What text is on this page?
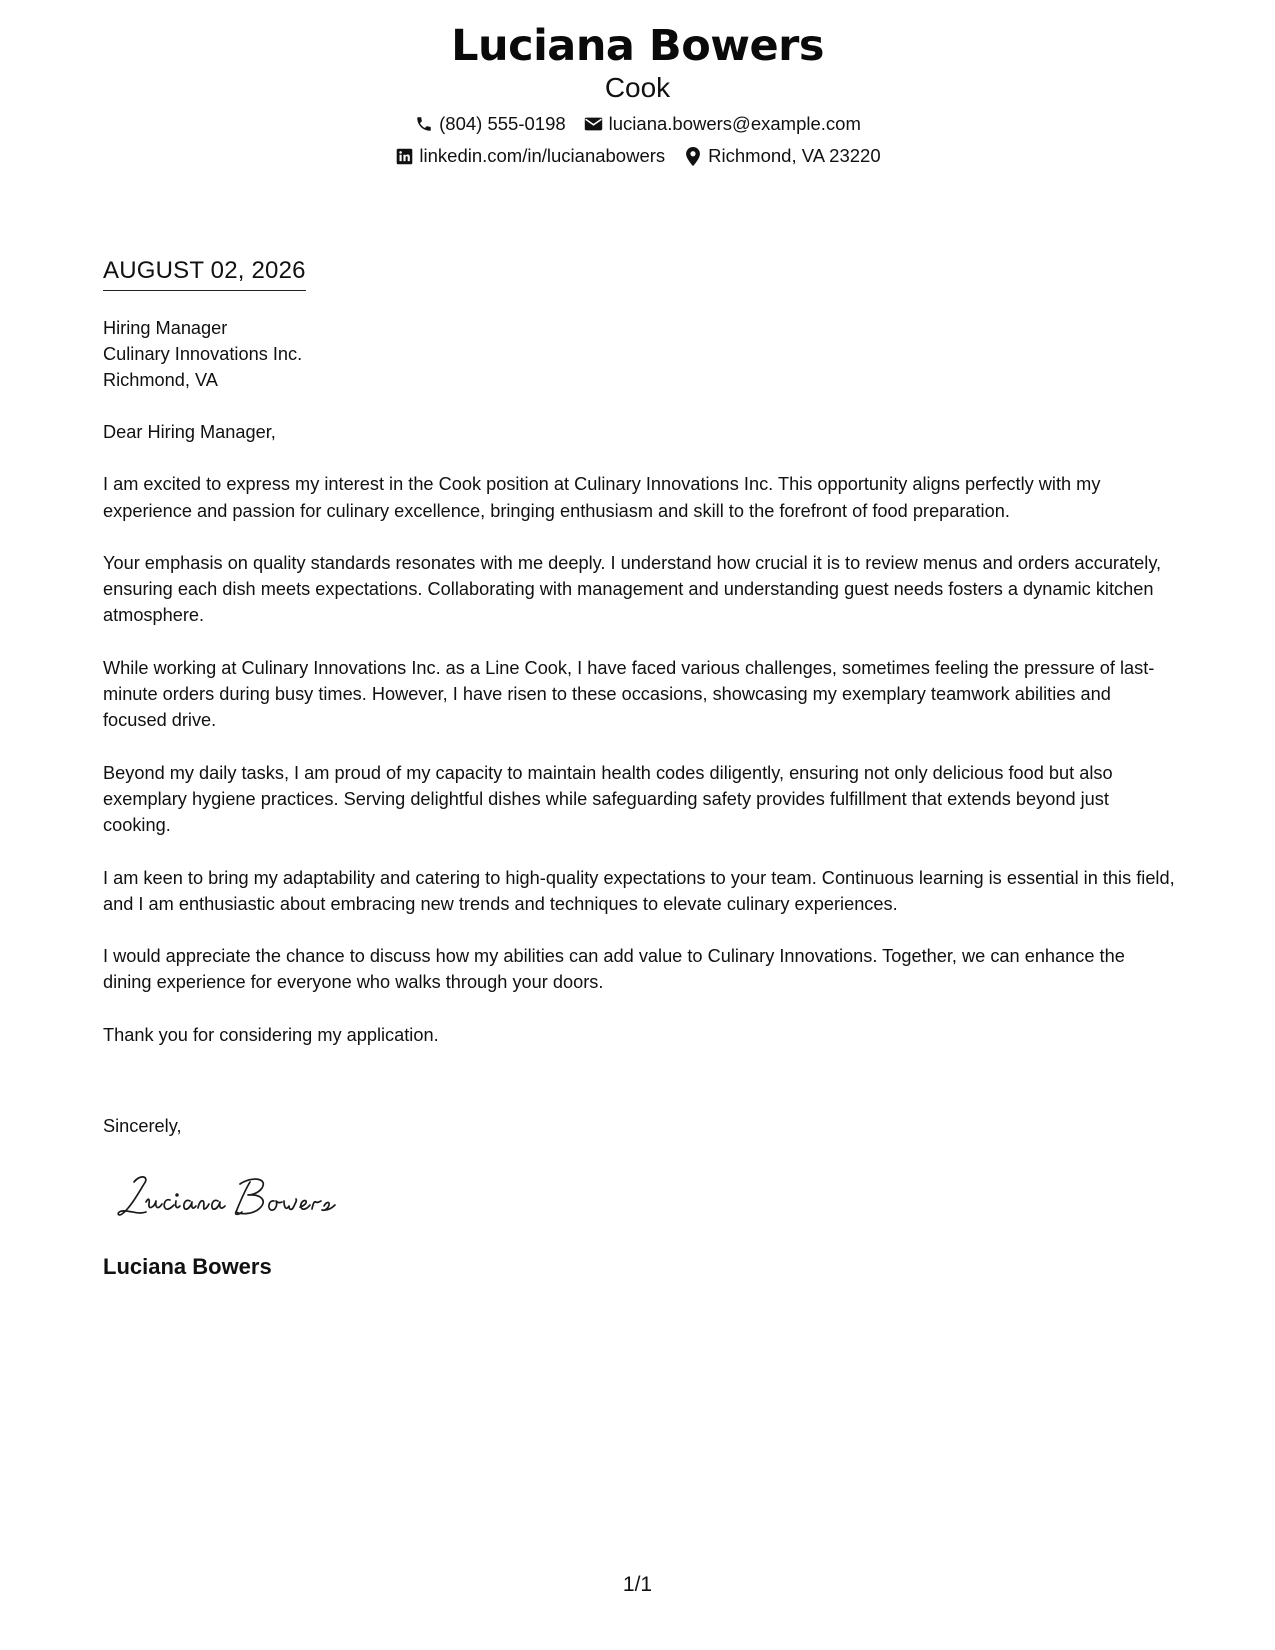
Luciana Bowers
Cook
(804) 555-0198 luciana.bowers@example.com
linkedin.com/in/lucianabowers Richmond, VA 23220
AUGUST 02, 2026
Hiring Manager
Culinary Innovations Inc.
Richmond, VA
Dear Hiring Manager,
I am excited to express my interest in the Cook position at Culinary Innovations Inc. This opportunity aligns perfectly with my experience and passion for culinary excellence, bringing enthusiasm and skill to the forefront of food preparation.
Your emphasis on quality standards resonates with me deeply. I understand how crucial it is to review menus and orders accurately, ensuring each dish meets expectations. Collaborating with management and understanding guest needs fosters a dynamic kitchen atmosphere.
While working at Culinary Innovations Inc. as a Line Cook, I have faced various challenges, sometimes feeling the pressure of last-minute orders during busy times. However, I have risen to these occasions, showcasing my exemplary teamwork abilities and focused drive.
Beyond my daily tasks, I am proud of my capacity to maintain health codes diligently, ensuring not only delicious food but also exemplary hygiene practices. Serving delightful dishes while safeguarding safety provides fulfillment that extends beyond just cooking.
I am keen to bring my adaptability and catering to high-quality expectations to your team. Continuous learning is essential in this field, and I am enthusiastic about embracing new trends and techniques to elevate culinary experiences.
I would appreciate the chance to discuss how my abilities can add value to Culinary Innovations. Together, we can enhance the dining experience for everyone who walks through your doors.
Thank you for considering my application.
Sincerely,
Luciana Bowers
1/1
